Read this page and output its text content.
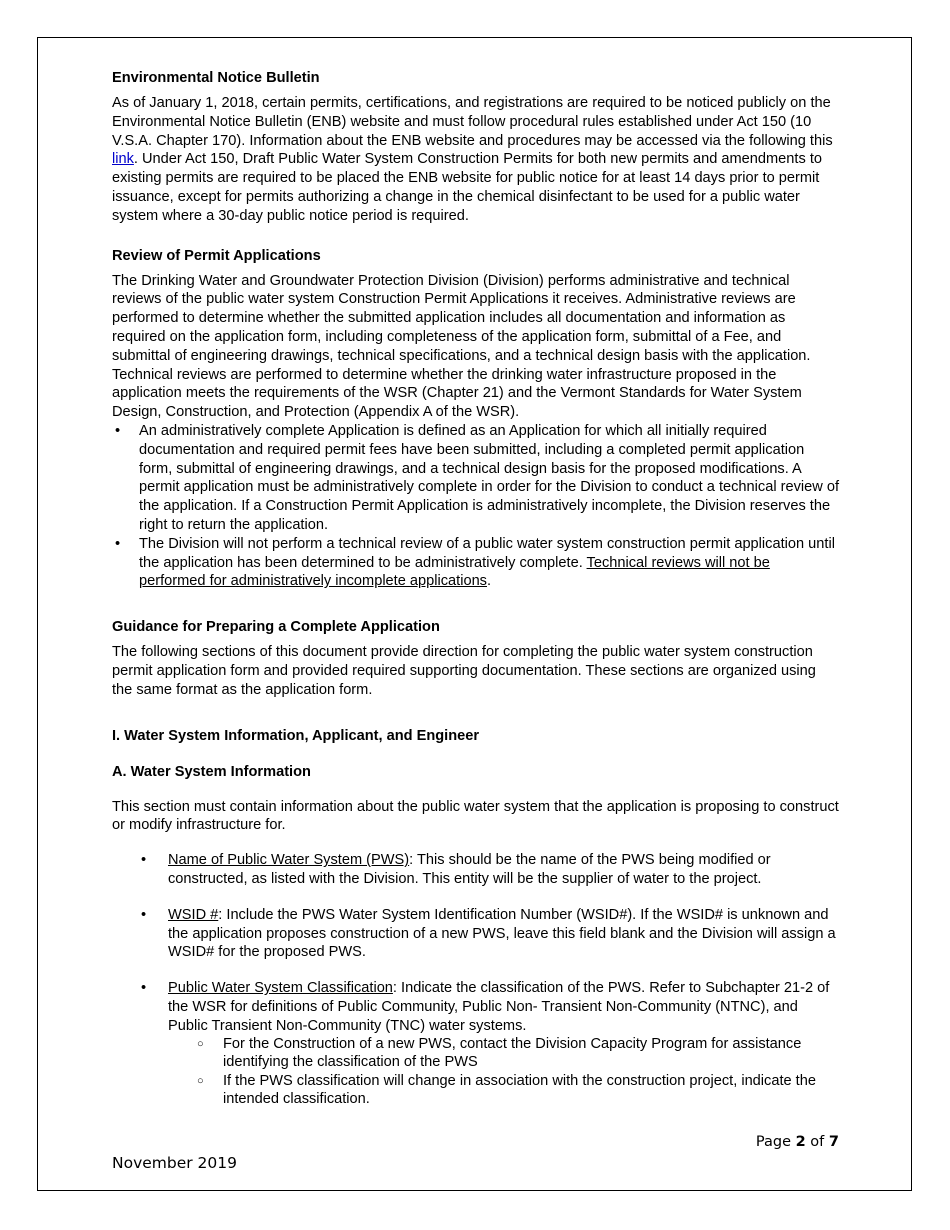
Environmental Notice Bulletin

As of January 1, 2018, certain permits, certifications, and registrations are required to be noticed publicly on the Environmental Notice Bulletin (ENB) website and must follow procedural rules established under Act 150 (10 V.S.A. Chapter 170). Information about the ENB website and procedures may be accessed via the following this link. Under Act 150, Draft Public Water System Construction Permits for both new permits and amendments to existing permits are required to be placed the ENB website for public notice for at least 14 days prior to permit issuance, except for permits authorizing a change in the chemical disinfectant to be used for a public water system where a 30-day public notice period is required.

Review of Permit Applications

The Drinking Water and Groundwater Protection Division (Division) performs administrative and technical reviews of the public water system Construction Permit Applications it receives. Administrative reviews are performed to determine whether the submitted application includes all documentation and information as required on the application form, including completeness of the application form, submittal of a Fee, and submittal of engineering drawings, technical specifications, and a technical design basis with the application. Technical reviews are performed to determine whether the drinking water infrastructure proposed in the application meets the requirements of the WSR (Chapter 21) and the Vermont Standards for Water System Design, Construction, and Protection (Appendix A of the WSR).

• An administratively complete Application is defined as an Application for which all initially required documentation and required permit fees have been submitted, including a completed permit application form, submittal of engineering drawings, and a technical design basis for the proposed modifications. A permit application must be administratively complete in order for the Division to conduct a technical review of the application. If a Construction Permit Application is administratively incomplete, the Division reserves the right to return the application.
• The Division will not perform a technical review of a public water system construction permit application until the application has been determined to be administratively complete. Technical reviews will not be performed for administratively incomplete applications.
Guidance for Preparing a Complete Application

The following sections of this document provide direction for completing the public water system construction permit application form and provided required supporting documentation. These sections are organized using the same format as the application form.

I. Water System Information, Applicant, and Engineer
A. Water System Information

This section must contain information about the public water system that the application is proposing to construct or modify infrastructure for.

• Name of Public Water System (PWS): This should be the name of the PWS being modified or constructed, as listed with the Division. This entity will be the supplier of water to the project.
• WSID #: Include the PWS Water System Identification Number (WSID#). If the WSID# is unknown and the application proposes construction of a new PWS, leave this field blank and the Division will assign a WSID# for the proposed PWS.
• Public Water System Classification: Indicate the classification of the PWS. Refer to Subchapter 21-2 of the WSR for definitions of Public Community, Public Non- Transient Non-Community (NTNC), and Public Transient Non-Community (TNC) water systems.
○ For the Construction of a new PWS, contact the Division Capacity Program for assistance identifying the classification of the PWS
○ If the PWS classification will change in association with the construction project, indicate the intended classification.
Page 2 of 7
November 2019
